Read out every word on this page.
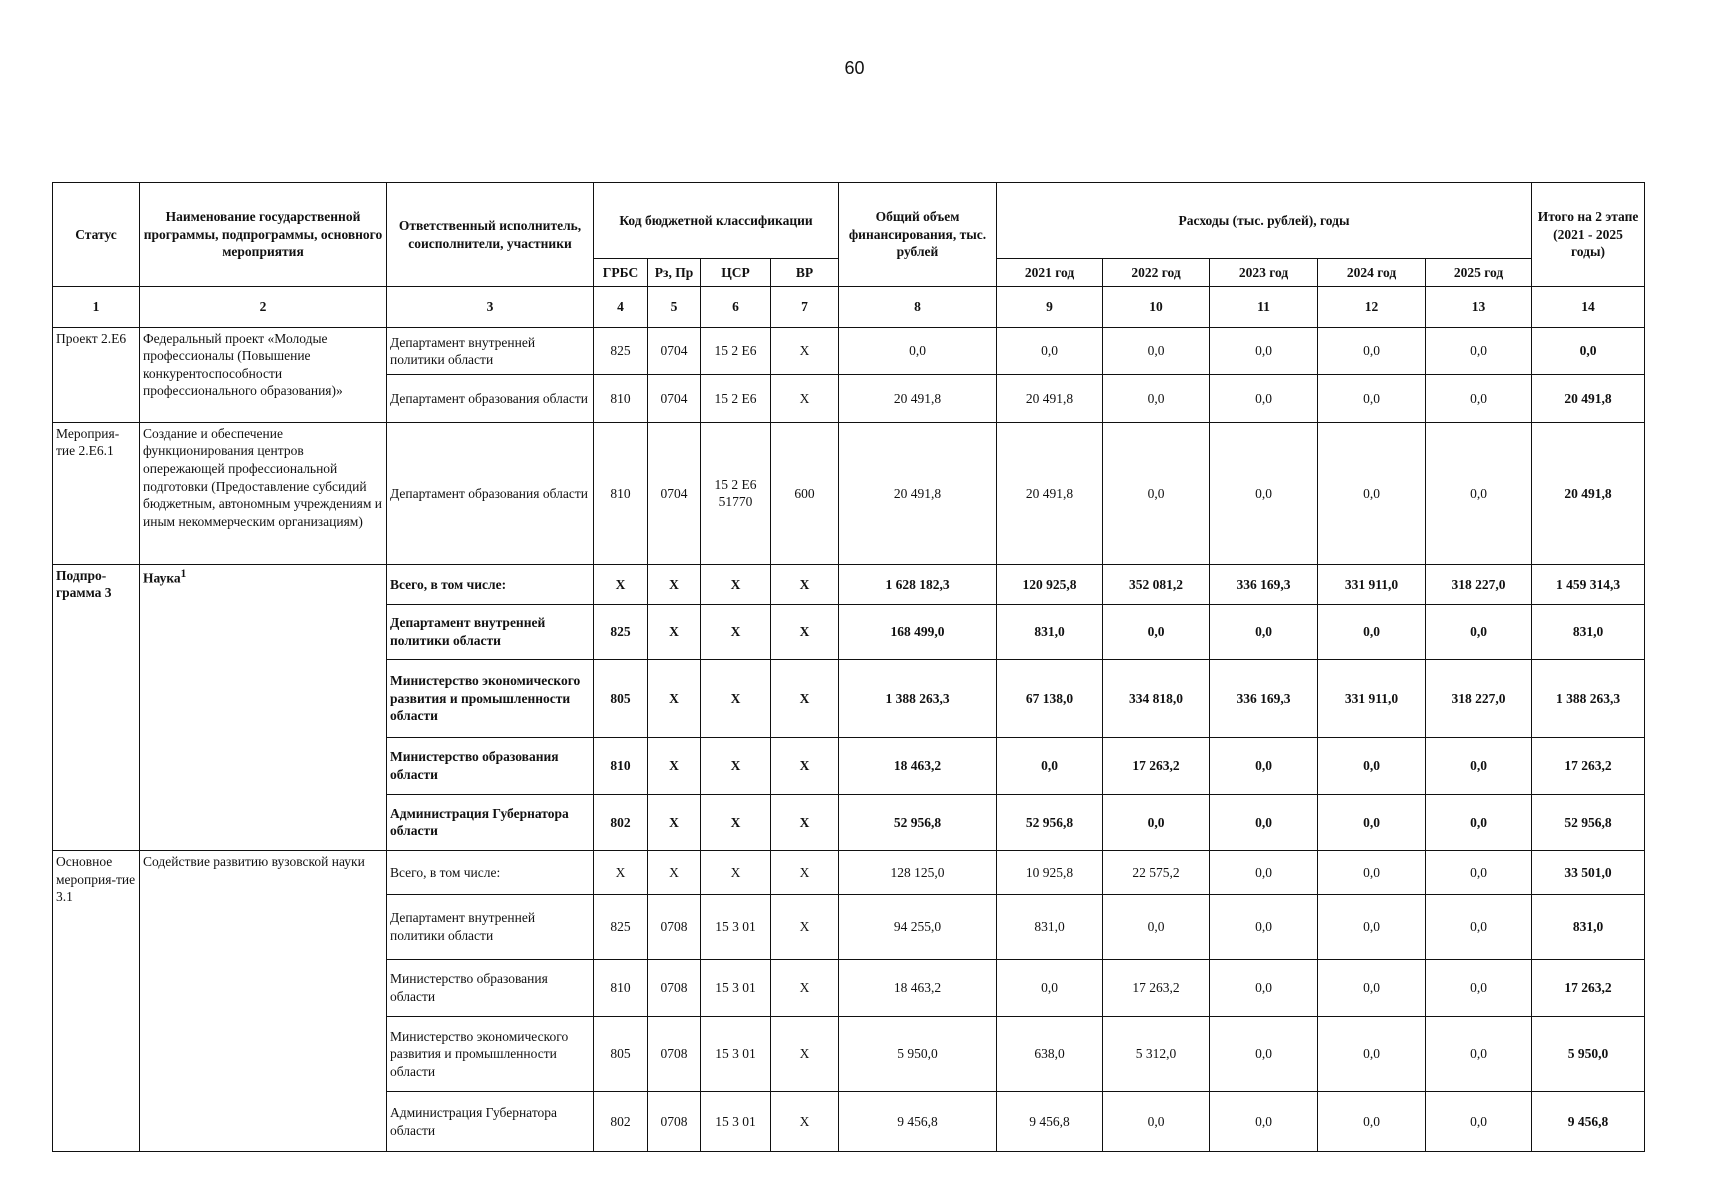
60
Статус	Наименование государственной программы, подпрограммы, основного мероприятия	Ответственный исполнитель, соисполнители, участники	Код бюджетной классификации				Общий объем финансирования, тыс. рублей	Расходы (тыс. рублей), годы					Итого на 2 этапе (2021 - 2025 годы)
			ГРБС	Рз, Пр	ЦСР	ВР		2021 год	2022 год	2023 год	2024 год	2025 год	
1	2	3	4	5	6	7	8	9	10	11	12	13	14
Проект 2.Е6	Федеральный проект «Молодые профессионалы (Повышение конкурентоспособности профессионального образования)»	Департамент внутренней политики области	825	0704	15 2 Е6	Х	0,0	0,0	0,0	0,0	0,0	0,0	0,0
		Департамент образования области	810	0704	15 2 Е6	Х	20 491,8	20 491,8	0,0	0,0	0,0	0,0	20 491,8
Мероприя-тие 2.Е6.1	Создание и обеспечение функционирования центров опережающей профессиональной подготовки (Предоставление субсидий бюджетным, автономным учреждениям и иным некоммерческим организациям)	Департамент образования области	810	0704	15 2 Е6 51770	600	20 491,8	20 491,8	0,0	0,0	0,0	0,0	20 491,8
Подпро-грамма 3	Наука$^1$	Всего, в том числе:	Х	Х	Х	Х	1 628 182,3	120 925,8	352 081,2	336 169,3	331 911,0	318 227,0	1 459 314,3
		Департамент внутренней политики области	825	Х	Х	Х	168 499,0	831,0	0,0	0,0	0,0	0,0	831,0
		Министерство экономического развития и промышленности области	805	Х	Х	Х	1 388 263,3	67 138,0	334 818,0	336 169,3	331 911,0	318 227,0	1 388 263,3
		Министерство образования области	810	Х	Х	Х	18 463,2	0,0	17 263,2	0,0	0,0	0,0	17 263,2
		Администрация Губернатора области	802	Х	Х	Х	52 956,8	52 956,8	0,0	0,0	0,0	0,0	52 956,8
Основное мероприя-тие 3.1	Содействие развитию вузовской науки	Всего, в том числе:	Х	Х	Х	Х	128 125,0	10 925,8	22 575,2	0,0	0,0	0,0	33 501,0
		Департамент внутренней политики области	825	0708	15 3 01	Х	94 255,0	831,0	0,0	0,0	0,0	0,0	831,0
		Министерство образования области	810	0708	15 3 01	Х	18 463,2	0,0	17 263,2	0,0	0,0	0,0	17 263,2
		Министерство экономического развития и промышленности области	805	0708	15 3 01	Х	5 950,0	638,0	5 312,0	0,0	0,0	0,0	5 950,0
		Администрация Губернатора области	802	0708	15 3 01	Х	9 456,8	9 456,8	0,0	0,0	0,0	0,0	9 456,8
